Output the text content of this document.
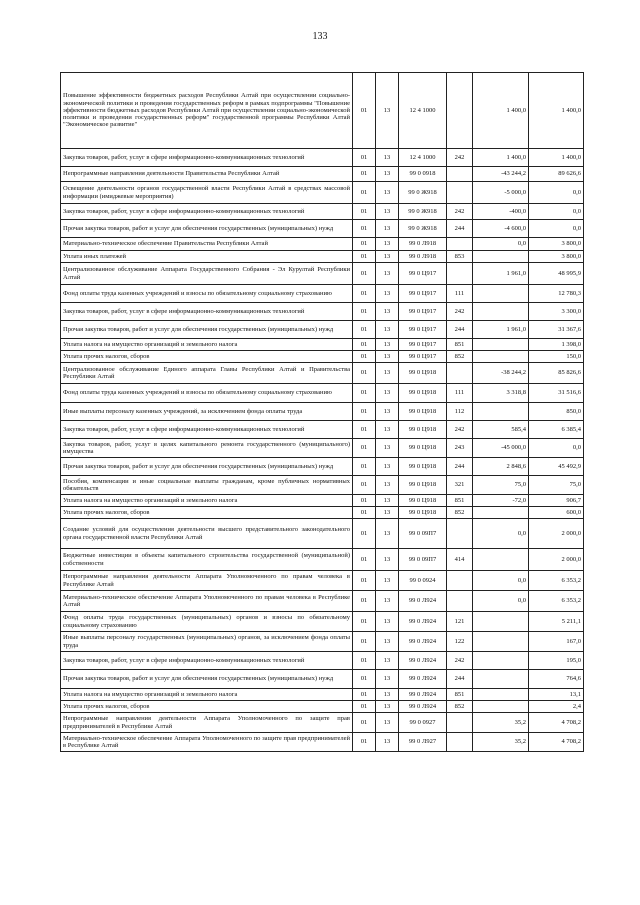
133
Повышение эффективности бюджетных расходов Республики Алтай при осуществлении социально-экономической политики и проведения государственных реформ в рамках подпрограммы "Повышение эффективности бюджетных расходов Республики Алтай при осуществлении социально-экономической политики и проведении государственных реформ" государственной программы Республики Алтай "Экономическое развитие"	01	13	12 4 1000		1 400,0	1 400,0
Закупка товаров, работ, услуг в сфере информационно-коммуникационных технологий	01	13	12 4 1000	242	1 400,0	1 400,0
Непрограммные направления деятельности Правительства Республики Алтай	01	13	99 0 0918		-43 244,2	89 626,6
Освещение деятельности органов государственной власти Республики Алтай в средствах массовой информации (имиджевые мероприятия)	01	13	99 0 Ж918		-5 000,0	0,0
Закупка товаров, работ, услуг в сфере информационно-коммуникационных технологий	01	13	99 0 Ж918	242	-400,0	0,0
Прочая закупка товаров, работ и услуг для обеспечения государственных (муниципальных) нужд	01	13	99 0 Ж918	244	-4 600,0	0,0
Материально-техническое обеспечение Правительства Республики Алтай	01	13	99 0 Л918		0,0	3 800,0
Уплата иных платежей	01	13	99 0 Л918	853		3 800,0
Централизованное обслуживание Аппарата Государственного Собрания - Эл Курултай Республики Алтай	01	13	99 0 Ц917		1 961,0	48 995,9
Фонд оплаты труда казенных учреждений и взносы по обязательному социальному страхованию	01	13	99 0 Ц917	111		12 780,3
Закупка товаров, работ, услуг в сфере информационно-коммуникационных технологий	01	13	99 0 Ц917	242		3 300,0
Прочая закупка товаров, работ и услуг для обеспечения государственных (муниципальных) нужд	01	13	99 0 Ц917	244	1 961,0	31 367,6
Уплата налога на имущество организаций и земельного налога	01	13	99 0 Ц917	851		1 398,0
Уплата прочих налогов, сборов	01	13	99 0 Ц917	852		150,0
Централизованное обслуживание Единого аппарата Главы Республики Алтай и Правительства Республики Алтай	01	13	99 0 Ц918		-38 244,2	85 826,6
Фонд оплаты труда казенных учреждений и взносы по обязательному социальному страхованию	01	13	99 0 Ц918	111	3 318,8	31 516,6
Иные выплаты персоналу казенных учреждений, за исключением фонда оплаты труда	01	13	99 0 Ц918	112		850,0
Закупка товаров, работ, услуг в сфере информационно-коммуникационных технологий	01	13	99 0 Ц918	242	585,4	6 385,4
Закупка товаров, работ, услуг в целях капитального ремонта государственного (муниципального) имущества	01	13	99 0 Ц918	243	-45 000,0	0,0
Прочая закупка товаров, работ и услуг для обеспечения государственных (муниципальных) нужд	01	13	99 0 Ц918	244	2 848,6	45 492,9
Пособия, компенсации и иные социальные выплаты гражданам, кроме публичных нормативных обязательств	01	13	99 0 Ц918	321	75,0	75,0
Уплата налога на имущество организаций и земельного налога	01	13	99 0 Ц918	851	-72,0	906,7
Уплата прочих налогов, сборов	01	13	99 0 Ц918	852		600,0
Создание условий для осуществления деятельности высшего представительного законодательного органа государственной власти Республики Алтай	01	13	99 0 09П7		0,0	2 000,0
Бюджетные инвестиции в объекты капитального строительства государственной (муниципальной) собственности	01	13	99 0 09П7	414		2 000,0
Непрограммные направления деятельности Аппарата Уполномоченного по правам человека в Республике Алтай	01	13	99 0 0924		0,0	6 353,2
Материально-техническое обеспечение Аппарата Уполномоченного по правам человека в Республике Алтай	01	13	99 0 Л924		0,0	6 353,2
Фонд оплаты труда государственных (муниципальных) органов и взносы по обязательному социальному страхованию	01	13	99 0 Л924	121		5 211,1
Иные выплаты персоналу государственных (муниципальных) органов, за исключением фонда оплаты труда	01	13	99 0 Л924	122		167,0
Закупка товаров, работ, услуг в сфере информационно-коммуникационных технологий	01	13	99 0 Л924	242		195,0
Прочая закупка товаров, работ и услуг для обеспечения государственных (муниципальных) нужд	01	13	99 0 Л924	244		764,6
Уплата налога на имущество организаций и земельного налога	01	13	99 0 Л924	851		13,1
Уплата прочих налогов, сборов	01	13	99 0 Л924	852		2,4
Непрограммные направления деятельности Аппарата Уполномоченного по защите прав предпринимателей в Республике Алтай	01	13	99 0 0927		35,2	4 708,2
Материально-техническое обеспечение Аппарата Уполномоченного по защите прав предпринимателей в Республике Алтай	01	13	99 0 Л927		35,2	4 708,2
